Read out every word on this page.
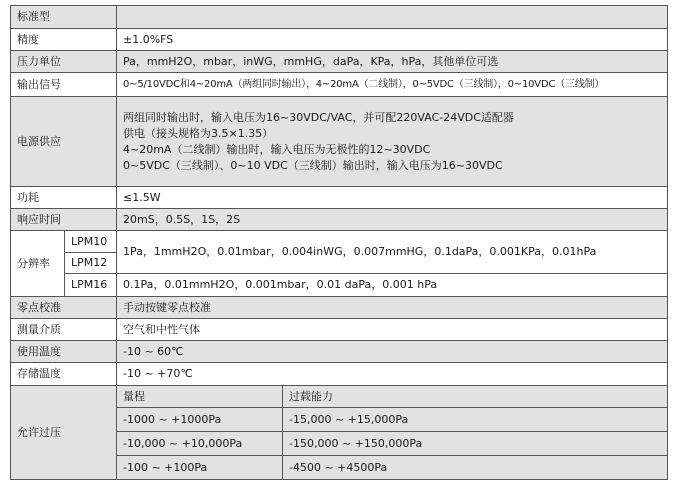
标准型			
精度		±1.0%FS	
压力单位		Pa，mmH2O，mbar，inWG，mmHG，daPa，KPa，hPa，其他单位可选	
输出信号		0~5/10VDC和4~20mA（两组同时输出），4~20mA（二线制），0~5VDC（三线制），0~10VDC（三线制）	
电源供应		两组同时输出时，输入电压为16~30VDC/VAC，并可配220VAC-24VDC适配器
供电（接头规格为3.5×1.35）
4~20mA（二线制）输出时，输入电压为无极性的12~30VDC
0~5VDC（三线制）、0~10 VDC（三线制）输出时，输入电压为16~30VDC	

功耗		≤1.5W	
响应时间		20mS，0.5S，1S，2S	
分辨率	LPM10	1Pa，1mmH2O，0.01mbar，0.004inWG，0.007mmHG，0.1daPa，0.001KPa，0.01hPa	
	LPM12		
	LPM16	0.1Pa，0.01mmH2O，0.001mbar，0.01 daPa，0.001 hPa	
零点校准		手动按键零点校准	
测量介质		空气和中性气体	
使用温度		-10 ~ 60℃	
存储温度		-10 ~ +70℃	
允许过压		量程	过载能力
		-1000 ~ +1000Pa	-15,000 ~ +15,000Pa
		-10,000 ~ +10,000Pa	-150,000 ~ +150,000Pa
		-100 ~ +100Pa	-4500 ~ +4500Pa
